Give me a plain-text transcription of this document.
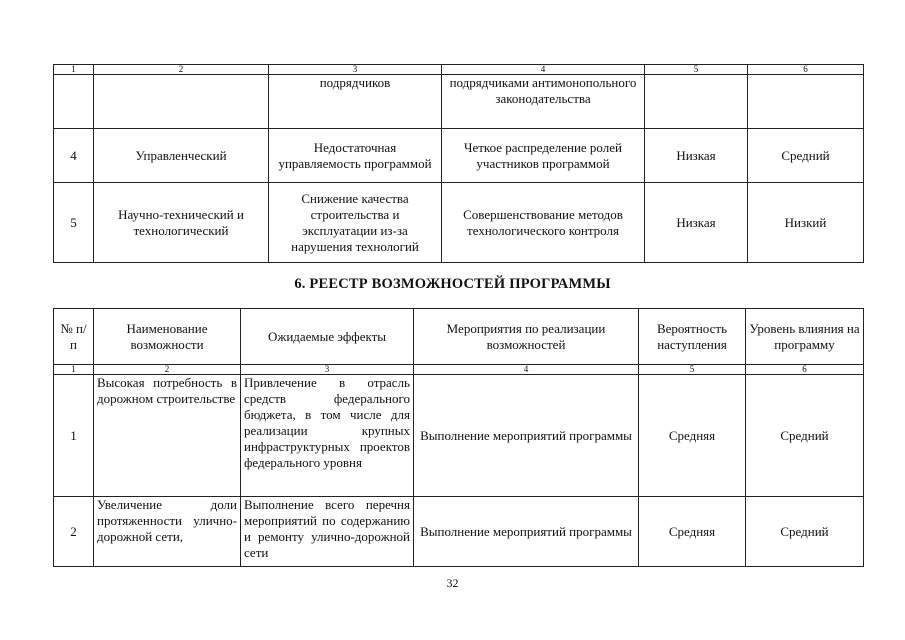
1	2	3	4	5	6
		подрядчиков	подрядчиками антимонопольного законодательства		
4	Управленческий	Недостаточная управляемость программой	Четкое распределение ролей участников программой	Низкая	Средний
5	Научно-технический и технологический	Снижение качества строительства и эксплуатации из-за нарушения технологий	Совершенствование методов технологического контроля	Низкая	Низкий
6. РЕЕСТР ВОЗМОЖНОСТЕЙ ПРОГРАММЫ
№ п/п	Наименование возможности	Ожидаемые эффекты	Мероприятия по реализации возможностей	Вероятность наступления	Уровень влияния на программу
1	2	3	4	5	6
1	Высокая потребность в дорожном строительстве	Привлечение в отрасль средств федерального бюджета, в том числе для реализации крупных инфраструктурных проектов федерального уровня	Выполнение мероприятий программы	Средняя	Средний
2	Увеличение доли протяженности улично-дорожной сети,	Выполнение всего перечня мероприятий по содержанию и ремонту улично-дорожной сети	Выполнение мероприятий программы	Средняя	Средний
32
